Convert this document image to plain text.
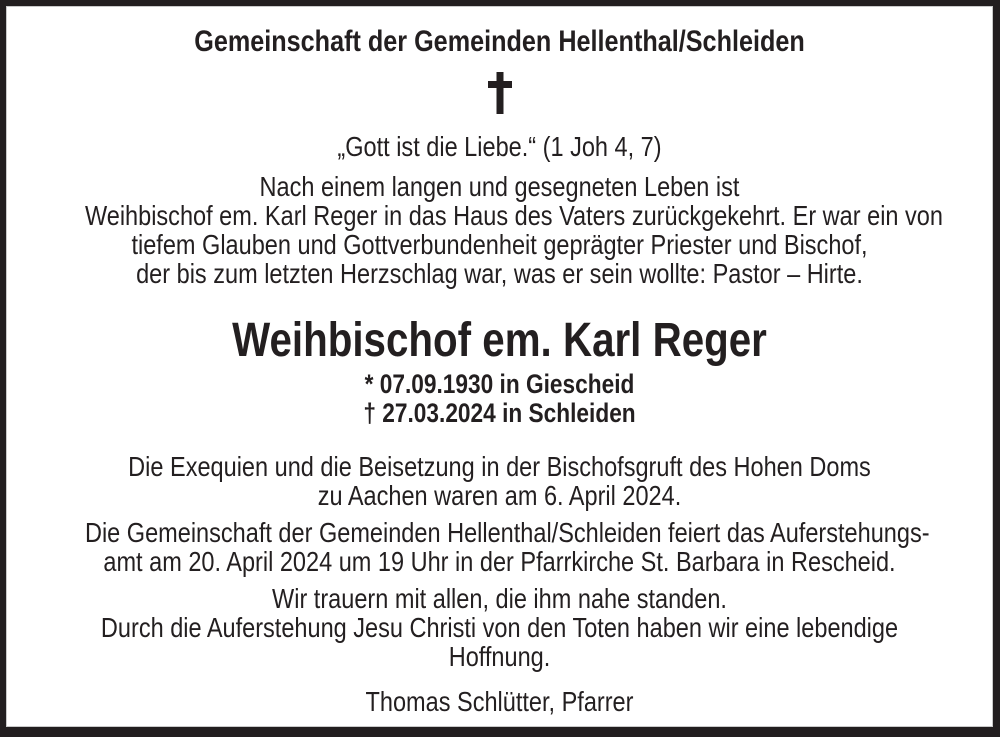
Gemeinschaft der Gemeinden Hellenthal/Schleiden
„Gott ist die Liebe.“ (1 Joh 4, 7)
Nach einem langen und gesegneten Leben ist
Weihbischof em. Karl Reger in das Haus des Vaters zurückgekehrt. Er war ein von
tiefem Glauben und Gottverbundenheit geprägter Priester und Bischof,
der bis zum letzten Herzschlag war, was er sein wollte: Pastor – Hirte.
Weihbischof em. Karl Reger
* 07.09.1930 in Giescheid
† 27.03.2024 in Schleiden
Die Exequien und die Beisetzung in der Bischofsgruft des Hohen Doms
zu Aachen waren am 6. April 2024.
Die Gemeinschaft der Gemeinden Hellenthal/Schleiden feiert das Auferstehungs-
amt am 20. April 2024 um 19 Uhr in der Pfarrkirche St. Barbara in Rescheid.
Wir trauern mit allen, die ihm nahe standen.
Durch die Auferstehung Jesu Christi von den Toten haben wir eine lebendige
Hoffnung.
Thomas Schlütter, Pfarrer
